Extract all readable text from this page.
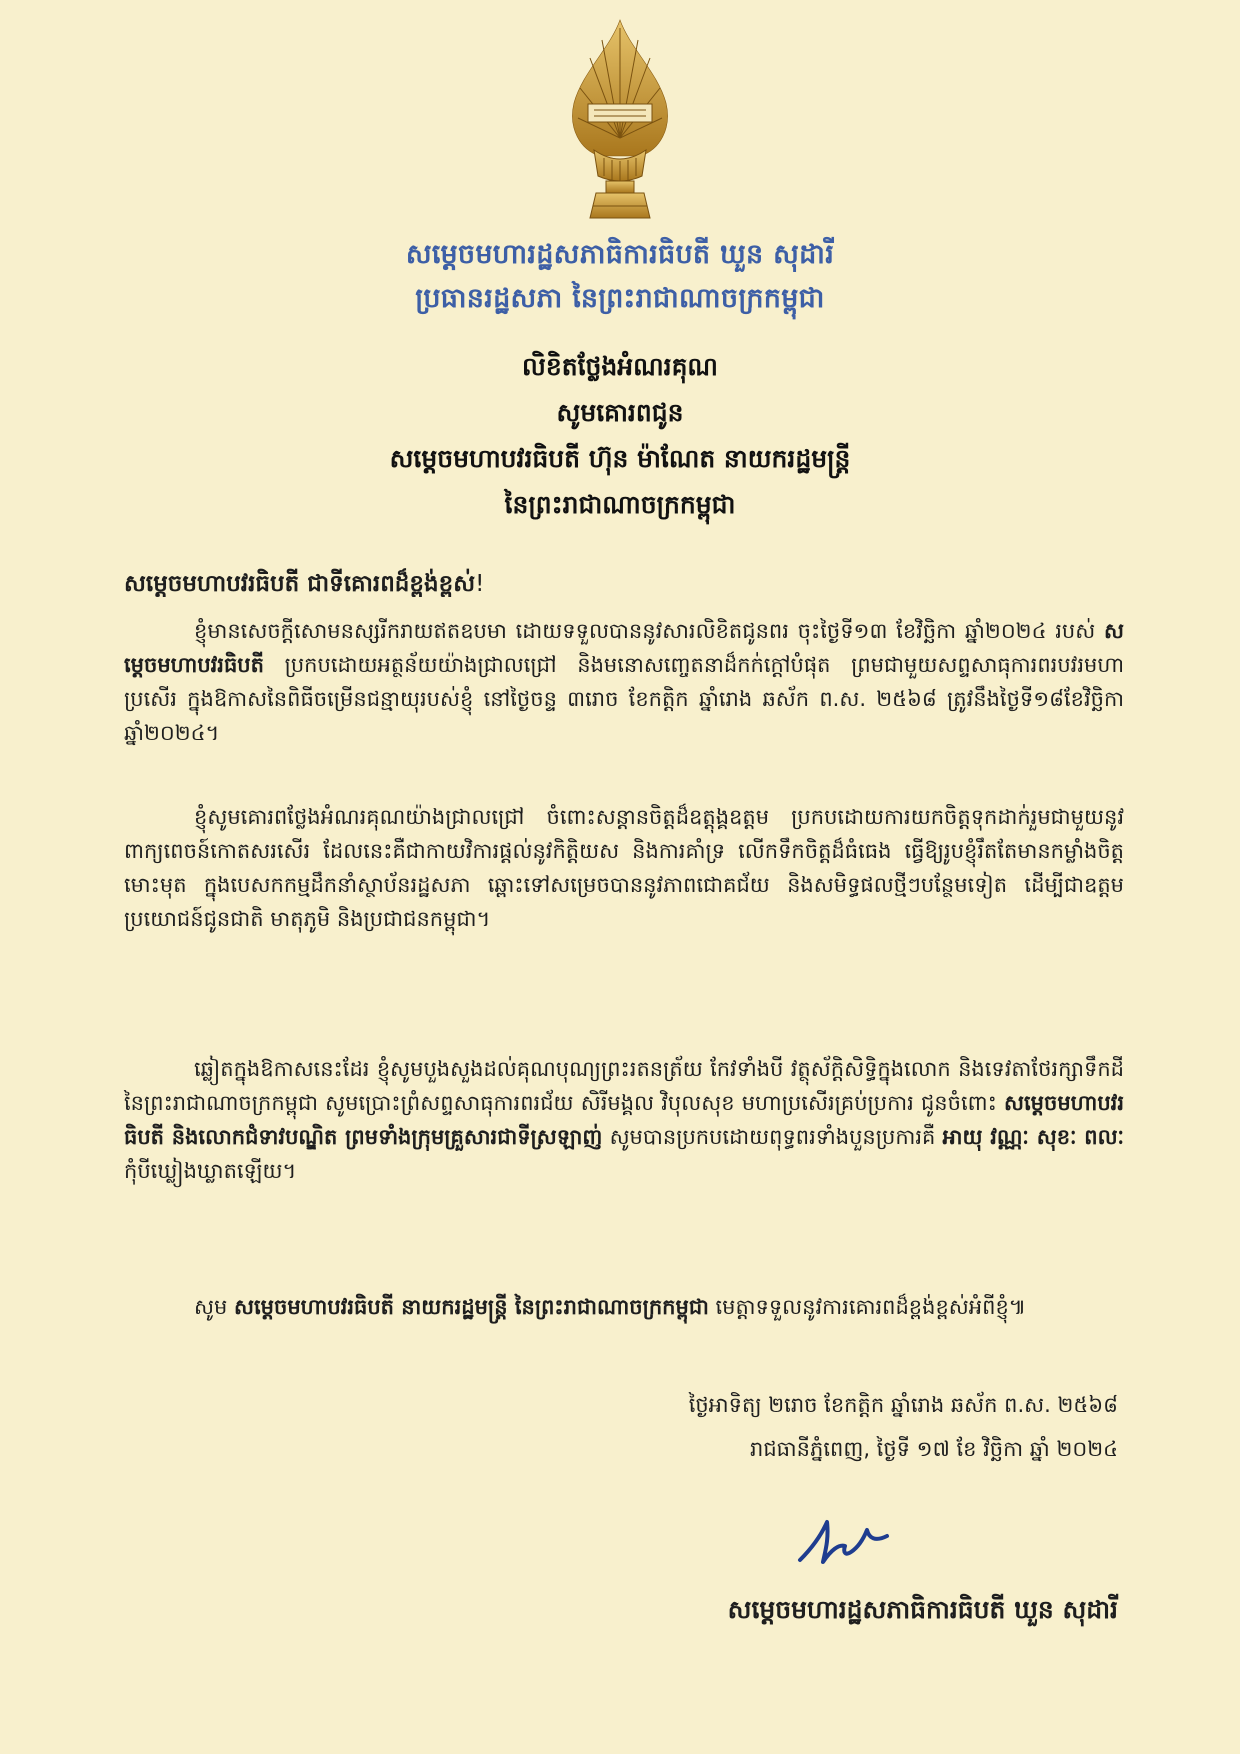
សម្តេចមហារដ្ឋសភាធិការធិបតី ឃួន សុដារី
ប្រធានរដ្ឋសភា នៃព្រះរាជាណាចក្រកម្ពុជា
លិខិតថ្លែងអំណរគុណ
សូមគោរពជូន
សម្តេចមហាបវរធិបតី ហ៊ុន ម៉ាណែត នាយករដ្ឋមន្ត្រី
នៃព្រះរាជាណាចក្រកម្ពុជា
សម្តេចមហាបវរធិបតី ជាទីគោរពដ៏ខ្ពង់ខ្ពស់!

ខ្ញុំមានសេចក្តីសោមនស្សរីករាយឥតឧបមា ដោយទទួលបាននូវសារលិខិតជូនពរ ចុះថ្ងៃទី១៣ ខែវិច្ឆិកា ឆ្នាំ២០២៤ របស់ សម្តេចមហាបវរធិបតី ប្រកបដោយអត្ថន័យយ៉ាងជ្រាលជ្រៅ និងមនោសញ្ចេតនាដ៏កក់ក្តៅបំផុត ព្រមជាមួយសព្ទសាធុការពរបវរមហាប្រសើរ ក្នុងឱកាសនៃពិធីចម្រើនជន្មាយុរបស់ខ្ញុំ នៅថ្ងៃចន្ទ ៣រោច ខែកត្តិក ឆ្នាំរោង ឆស័ក ព.ស. ២៥៦៨ ត្រូវនឹងថ្ងៃទី១៨ខែវិច្ឆិកា ឆ្នាំ២០២៤។

ខ្ញុំសូមគោរពថ្លែងអំណរគុណយ៉ាងជ្រាលជ្រៅ ចំពោះសន្តានចិត្តដ៏ឧត្តុង្គឧត្តម ប្រកបដោយការយកចិត្តទុកដាក់រួមជាមួយនូវពាក្យពេចន៍កោតសរសើរ ដែលនេះគឺជាកាយវិការផ្តល់នូវកិត្តិយស និងការគាំទ្រ លើកទឹកចិត្តដ៏ធំធេង ធ្វើឱ្យរូបខ្ញុំរឹតតែមានកម្លាំងចិត្តមោះមុត ក្នុងបេសកកម្មដឹកនាំស្ថាប័នរដ្ឋសភា ឆ្ពោះទៅសម្រេចបាននូវភាពជោគជ័យ និងសមិទ្ធផលថ្មីៗបន្ថែមទៀត ដើម្បីជាឧត្តមប្រយោជន៍ជូនជាតិ មាតុភូមិ និងប្រជាជនកម្ពុជា។

ឆ្លៀតក្នុងឱកាសនេះដែរ ខ្ញុំសូមបួងសួងដល់គុណបុណ្យព្រះរតនត្រ័យ កែវទាំងបី វត្ថុស័ក្តិសិទ្ធិក្នុងលោក និងទេវតាថែរក្សាទឹកដីនៃព្រះរាជាណាចក្រកម្ពុជា សូមប្រោះព្រំសព្ទសាធុការពរជ័យ សិរីមង្គល វិបុលសុខ មហាប្រសើរគ្រប់ប្រការ ជូនចំពោះ សម្តេចមហាបវរធិបតី និងលោកជំទាវបណ្ឌិត ព្រមទាំងក្រុមគ្រួសារជាទីស្រឡាញ់ សូមបានប្រកបដោយពុទ្ធពរទាំងបួនប្រការគឺ អាយុ វណ្ណៈ សុខៈ ពលៈ កុំបីឃ្លៀងឃ្លាតឡើយ។

សូម សម្តេចមហាបវរធិបតី នាយករដ្ឋមន្ត្រី នៃព្រះរាជាណាចក្រកម្ពុជា មេត្តាទទួលនូវការគោរពដ៏ខ្ពង់ខ្ពស់អំពីខ្ញុំ៕

ថ្ងៃអាទិត្យ ២រោច ខែកត្តិក ឆ្នាំរោង ឆស័ក ព.ស. ២៥៦៨
រាជធានីភ្នំពេញ, ថ្ងៃទី ១៧ ខែ វិច្ឆិកា ឆ្នាំ ២០២៤
សម្តេចមហារដ្ឋសភាធិការធិបតី ឃួន សុដារី
